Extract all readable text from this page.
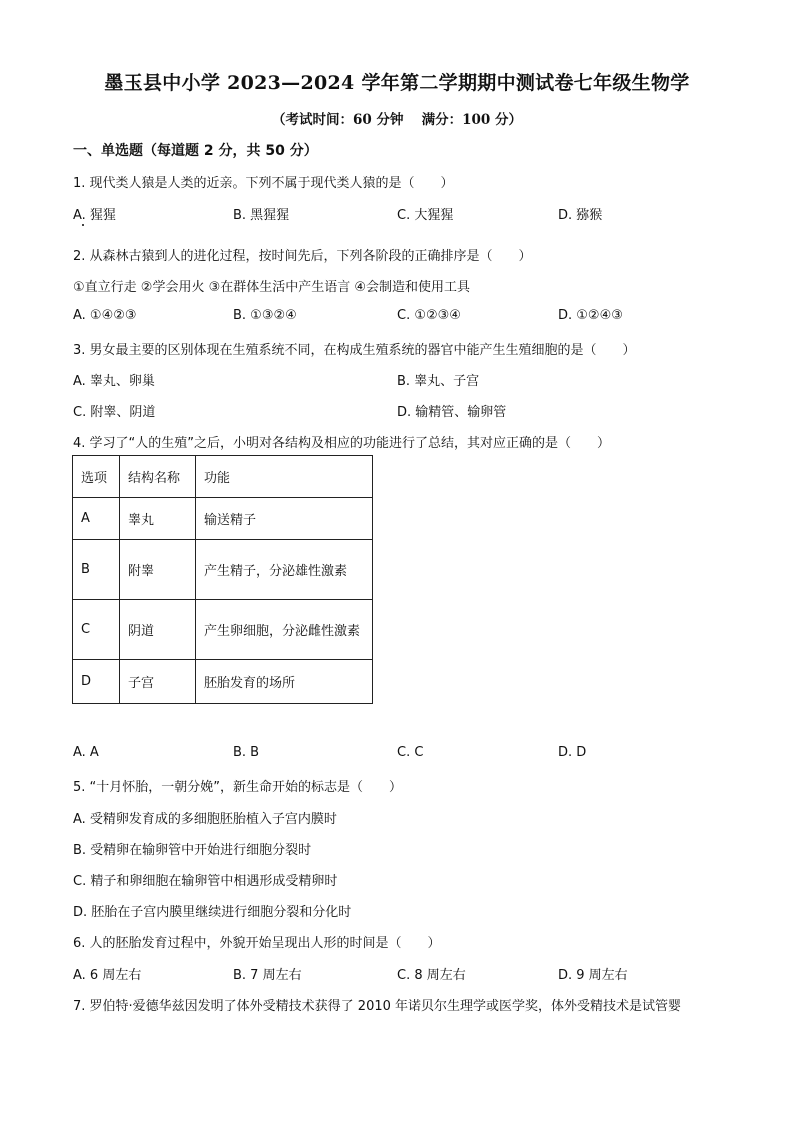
墨玉县中小学 2023—2024 学年第二学期期中测试卷七年级生物学
（考试时间：60 分钟　 满分：100 分）
一、单选题（每道题 2 分，共 50 分）
1. 现代类人猿是人类的近亲。下列不属于现代类人猿的是（　　）
A. 猩猩	B. 黑猩猩	C. 大猩猩	D. 猕猴
2. 从森林古猿到人的进化过程，按时间先后，下列各阶段的正确排序是（　　）
①直立行走 ②学会用火 ③在群体生活中产生语言 ④会制造和使用工具
A. ①④②③	B. ①③②④	C. ①②③④	D. ①②④③
3. 男女最主要的区别体现在生殖系统不同，在构成生殖系统的器官中能产生生殖细胞的是（　　）
A. 睾丸、卵巢	B. 睾丸、子宫
C. 附睾、阴道	D. 输精管、输卵管
4. 学习了“人的生殖”之后，小明对各结构及相应的功能进行了总结，其对应正确的是（　　）
选项	结构名称	功能
A	睾丸	输送精子
B	附睾	产生精子，分泌雄性激素
C	阴道	产生卵细胞，分泌雌性激素
D	子宫	胚胎发育的场所
A. A	B. B	C. C	D. D
5. “十月怀胎，一朝分娩”，新生命开始的标志是（　　）
A. 受精卵发育成的多细胞胚胎植入子宫内膜时
B. 受精卵在输卵管中开始进行细胞分裂时
C. 精子和卵细胞在输卵管中相遇形成受精卵时
D. 胚胎在子宫内膜里继续进行细胞分裂和分化时
6. 人的胚胎发育过程中，外貌开始呈现出人形的时间是（　　）
A. 6 周左右	B. 7 周左右	C. 8 周左右	D. 9 周左右
7. 罗伯特·爱德华兹因发明了体外受精技术获得了 2010 年诺贝尔生理学或医学奖，体外受精技术是试管婴
